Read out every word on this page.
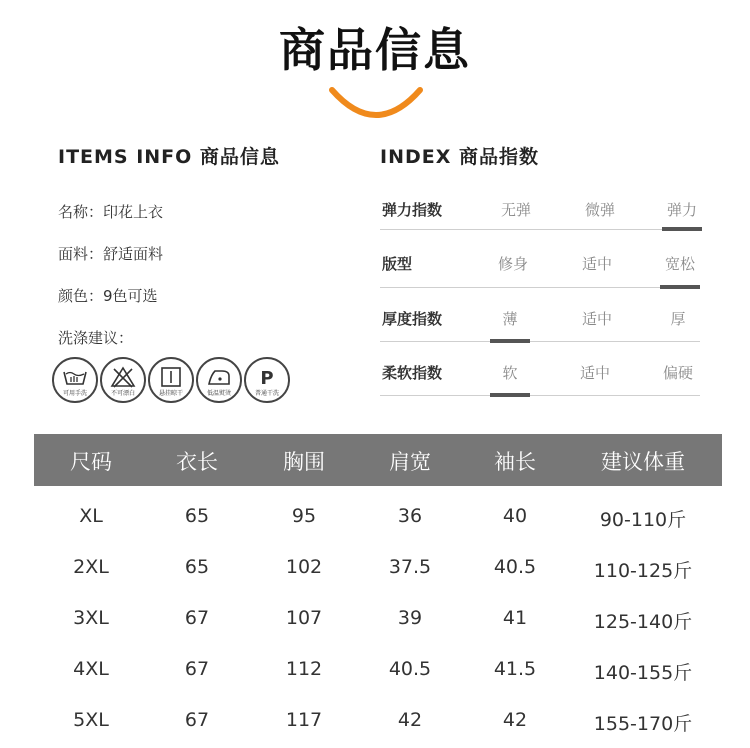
商品信息
ITEMS INFO 商品信息
名称：印花上衣
面料：舒适面料
颜色：9色可选
洗涤建议：
可用手洗	不可漂白	悬挂晾干	低温熨烫
P
普通干洗
INDEX 商品指数
弹力指数	无弹	微弹	弹力
版型	修身	适中	宽松
厚度指数	薄	适中	厚
柔软指数	软	适中	偏硬
尺码	衣长	胸围	肩宽	袖长	建议体重
XL	65	95	36	40	90-110斤
2XL	65	102	37.5	40.5	110-125斤
3XL	67	107	39	41	125-140斤
4XL	67	112	40.5	41.5	140-155斤
5XL	67	117	42	42	155-170斤
